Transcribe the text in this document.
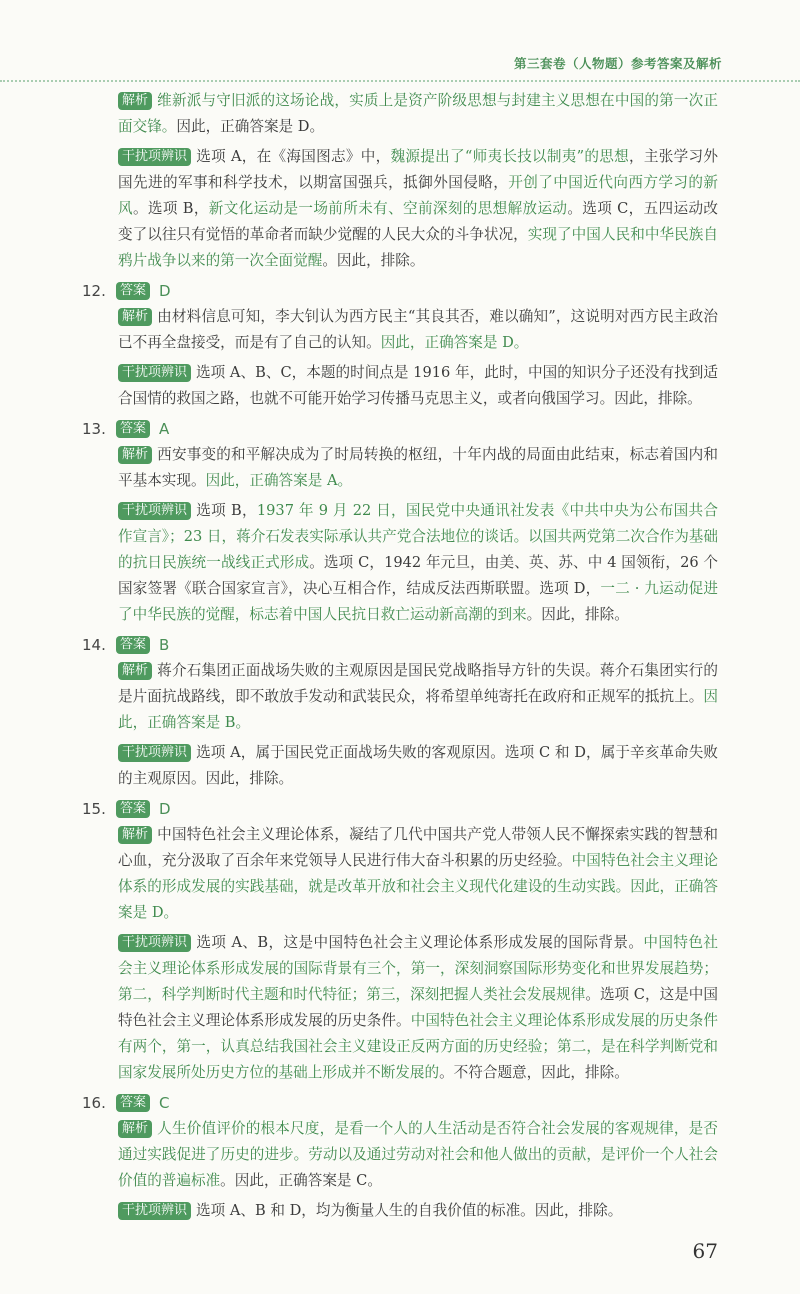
第三套卷（人物题）参考答案及解析
解析 维新派与守旧派的这场论战，实质上是资产阶级思想与封建主义思想在中国的第一次正面交锋。因此，正确答案是 D。
干扰项辨识 选项 A，在《海国图志》中，魏源提出了“师夷长技以制夷”的思想，主张学习外国先进的军事和科学技术，以期富国强兵，抵御外国侵略，开创了中国近代向西方学习的新风。选项 B，新文化运动是一场前所未有、空前深刻的思想解放运动。选项 C，五四运动改变了以往只有觉悟的革命者而缺少觉醒的人民大众的斗争状况，实现了中国人民和中华民族自鸦片战争以来的第一次全面觉醒。因此，排除。
12.	答案 D
解析 由材料信息可知，李大钊认为西方民主“其良其否，难以确知”，这说明对西方民主政治已不再全盘接受，而是有了自己的认知。因此，正确答案是 D。
干扰项辨识 选项 A、B、C，本题的时间点是 1916 年，此时，中国的知识分子还没有找到适合国情的救国之路，也就不可能开始学习传播马克思主义，或者向俄国学习。因此，排除。
13.	答案 A
解析 西安事变的和平解决成为了时局转换的枢纽，十年内战的局面由此结束，标志着国内和平基本实现。因此，正确答案是 A。
干扰项辨识 选项 B，1937 年 9 月 22 日，国民党中央通讯社发表《中共中央为公布国共合作宣言》；23 日，蒋介石发表实际承认共产党合法地位的谈话。以国共两党第二次合作为基础的抗日民族统一战线正式形成。选项 C，1942 年元旦，由美、英、苏、中 4 国领衔，26 个国家签署《联合国家宣言》，决心互相合作，结成反法西斯联盟。选项 D，一二 · 九运动促进了中华民族的觉醒，标志着中国人民抗日救亡运动新高潮的到来。因此，排除。
14.	答案 B
解析 蒋介石集团正面战场失败的主观原因是国民党战略指导方针的失误。蒋介石集团实行的是片面抗战路线，即不敢放手发动和武装民众，将希望单纯寄托在政府和正规军的抵抗上。因此，正确答案是 B。
干扰项辨识 选项 A，属于国民党正面战场失败的客观原因。选项 C 和 D，属于辛亥革命失败的主观原因。因此，排除。
15.	答案 D
解析 中国特色社会主义理论体系，凝结了几代中国共产党人带领人民不懈探索实践的智慧和心血，充分汲取了百余年来党领导人民进行伟大奋斗积累的历史经验。中国特色社会主义理论体系的形成发展的实践基础，就是改革开放和社会主义现代化建设的生动实践。因此，正确答案是 D。
干扰项辨识 选项 A、B，这是中国特色社会主义理论体系形成发展的国际背景。中国特色社会主义理论体系形成发展的国际背景有三个，第一，深刻洞察国际形势变化和世界发展趋势；第二，科学判断时代主题和时代特征；第三，深刻把握人类社会发展规律。选项 C，这是中国特色社会主义理论体系形成发展的历史条件。中国特色社会主义理论体系形成发展的历史条件有两个，第一，认真总结我国社会主义建设正反两方面的历史经验；第二，是在科学判断党和国家发展所处历史方位的基础上形成并不断发展的。不符合题意，因此，排除。
16.	答案 C
解析 人生价值评价的根本尺度，是看一个人的人生活动是否符合社会发展的客观规律，是否通过实践促进了历史的进步。劳动以及通过劳动对社会和他人做出的贡献，是评价一个人社会价值的普遍标准。因此，正确答案是 C。
干扰项辨识 选项 A、B 和 D，均为衡量人生的自我价值的标准。因此，排除。
67
